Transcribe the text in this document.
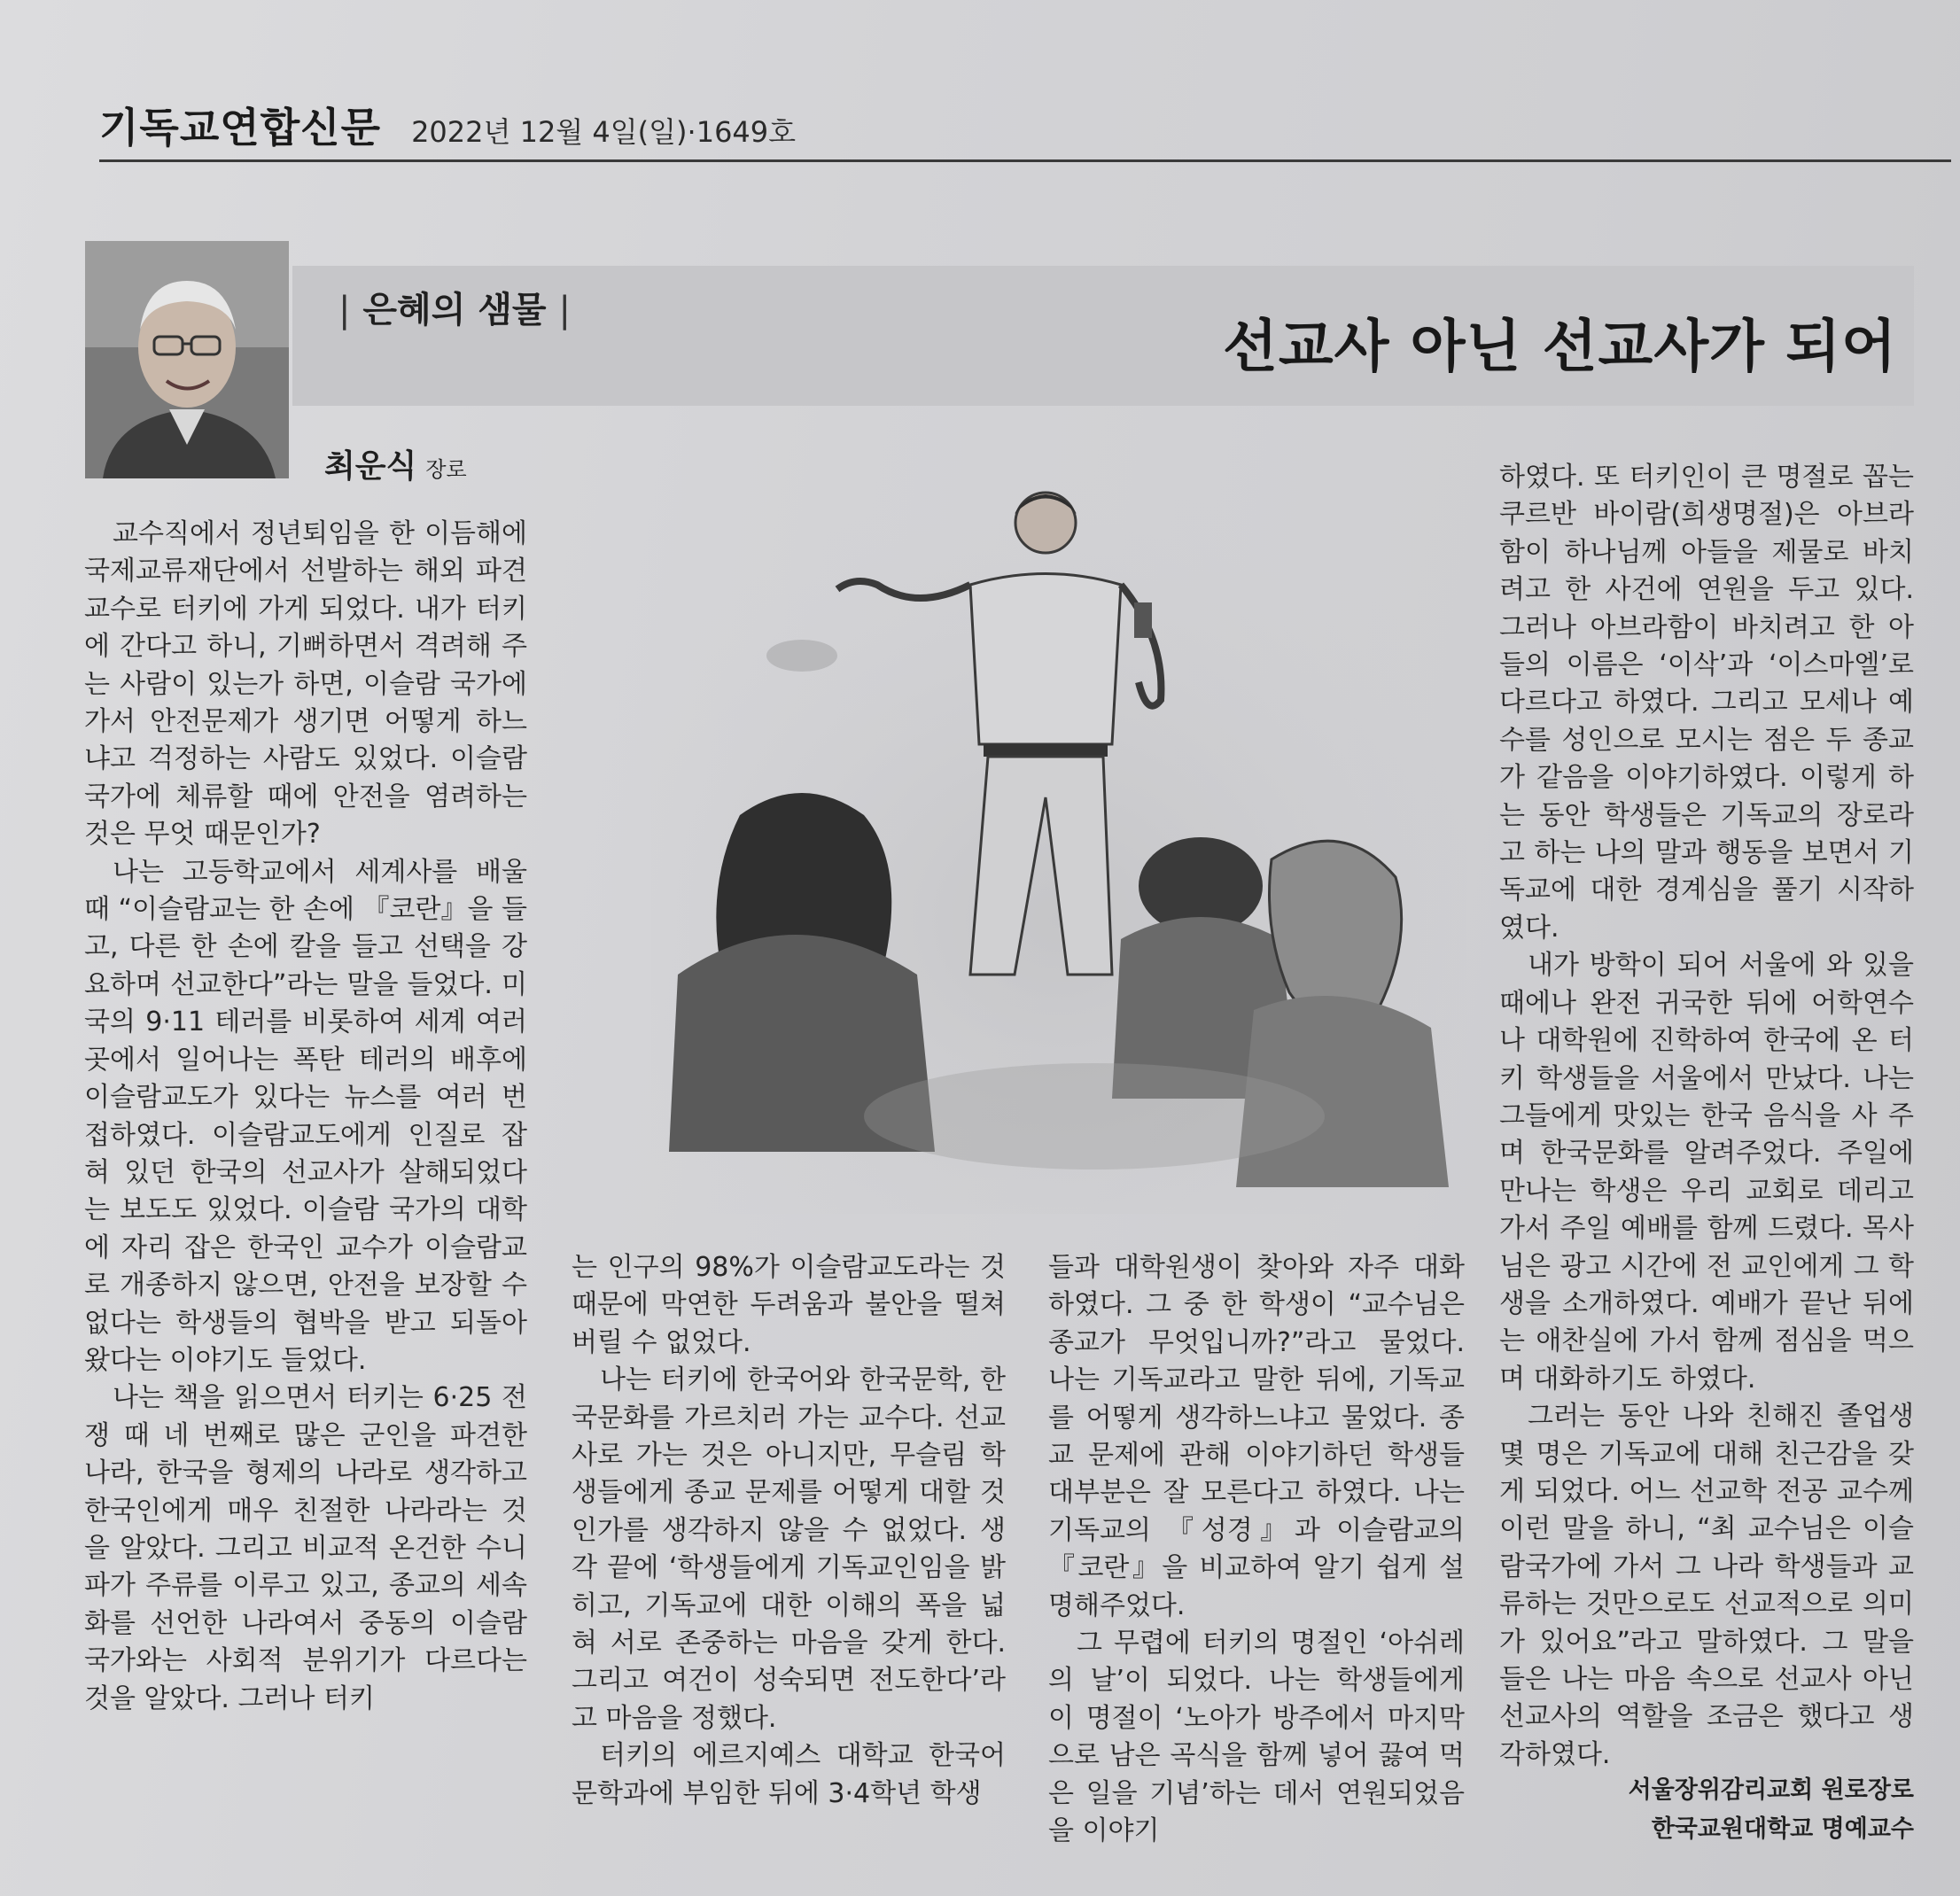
기독교연합신문 2022년 12월 4일(일)·1649호
| 은혜의 샘물 |
선교사 아닌 선교사가 되어
최운식 장로

교수직에서 정년퇴임을 한 이듬해에 국제교류재단에서 선발하는 해외 파견 교수로 터키에 가게 되었다. 내가 터키에 간다고 하니, 기뻐하면서 격려해 주는 사람이 있는가 하면, 이슬람 국가에 가서 안전문제가 생기면 어떻게 하느냐고 걱정하는 사람도 있었다. 이슬람 국가에 체류할 때에 안전을 염려하는 것은 무엇 때문인가?

나는 고등학교에서 세계사를 배울 때 “이슬람교는 한 손에 『코란』을 들고, 다른 한 손에 칼을 들고 선택을 강요하며 선교한다”라는 말을 들었다. 미국의 9·11 테러를 비롯하여 세계 여러 곳에서 일어나는 폭탄 테러의 배후에 이슬람교도가 있다는 뉴스를 여러 번 접하였다. 이슬람교도에게 인질로 잡혀 있던 한국의 선교사가 살해되었다는 보도도 있었다. 이슬람 국가의 대학에 자리 잡은 한국인 교수가 이슬람교로 개종하지 않으면, 안전을 보장할 수 없다는 학생들의 협박을 받고 되돌아왔다는 이야기도 들었다.

나는 책을 읽으면서 터키는 6·25 전쟁 때 네 번째로 많은 군인을 파견한 나라, 한국을 형제의 나라로 생각하고 한국인에게 매우 친절한 나라라는 것을 알았다. 그리고 비교적 온건한 수니파가 주류를 이루고 있고, 종교의 세속화를 선언한 나라여서 중동의 이슬람 국가와는 사회적 분위기가 다르다는 것을 알았다. 그러나 터키

는 인구의 98%가 이슬람교도라는 것 때문에 막연한 두려움과 불안을 떨쳐 버릴 수 없었다.

나는 터키에 한국어와 한국문학, 한국문화를 가르치러 가는 교수다. 선교사로 가는 것은 아니지만, 무슬림 학생들에게 종교 문제를 어떻게 대할 것인가를 생각하지 않을 수 없었다. 생각 끝에 ‘학생들에게 기독교인임을 밝히고, 기독교에 대한 이해의 폭을 넓혀 서로 존중하는 마음을 갖게 한다. 그리고 여건이 성숙되면 전도한다’라고 마음을 정했다.

터키의 에르지예스 대학교 한국어문학과에 부임한 뒤에 3·4학년 학생

들과 대학원생이 찾아와 자주 대화하였다. 그 중 한 학생이 “교수님은 종교가 무엇입니까?”라고 물었다. 나는 기독교라고 말한 뒤에, 기독교를 어떻게 생각하느냐고 물었다. 종교 문제에 관해 이야기하던 학생들 대부분은 잘 모른다고 하였다. 나는 기독교의 『성경』과 이슬람교의 『코란』을 비교하여 알기 쉽게 설명해주었다.

그 무렵에 터키의 명절인 ‘아쉬레의 날’이 되었다. 나는 학생들에게 이 명절이 ‘노아가 방주에서 마지막으로 남은 곡식을 함께 넣어 끓여 먹은 일을 기념’하는 데서 연원되었음을 이야기

하였다. 또 터키인이 큰 명절로 꼽는 쿠르반 바이람(희생명절)은 아브라함이 하나님께 아들을 제물로 바치려고 한 사건에 연원을 두고 있다. 그러나 아브라함이 바치려고 한 아들의 이름은 ‘이삭’과 ‘이스마엘’로 다르다고 하였다. 그리고 모세나 예수를 성인으로 모시는 점은 두 종교가 같음을 이야기하였다. 이렇게 하는 동안 학생들은 기독교의 장로라고 하는 나의 말과 행동을 보면서 기독교에 대한 경계심을 풀기 시작하였다.

내가 방학이 되어 서울에 와 있을 때에나 완전 귀국한 뒤에 어학연수나 대학원에 진학하여 한국에 온 터키 학생들을 서울에서 만났다. 나는 그들에게 맛있는 한국 음식을 사 주며 한국문화를 알려주었다. 주일에 만나는 학생은 우리 교회로 데리고 가서 주일 예배를 함께 드렸다. 목사님은 광고 시간에 전 교인에게 그 학생을 소개하였다. 예배가 끝난 뒤에는 애찬실에 가서 함께 점심을 먹으며 대화하기도 하였다.

그러는 동안 나와 친해진 졸업생 몇 명은 기독교에 대해 친근감을 갖게 되었다. 어느 선교학 전공 교수께 이런 말을 하니, “최 교수님은 이슬람국가에 가서 그 나라 학생들과 교류하는 것만으로도 선교적으로 의미가 있어요”라고 말하였다. 그 말을 들은 나는 마음 속으로 선교사 아닌 선교사의 역할을 조금은 했다고 생각하였다.

서울장위감리교회 원로장로
한국교원대학교 명예교수
